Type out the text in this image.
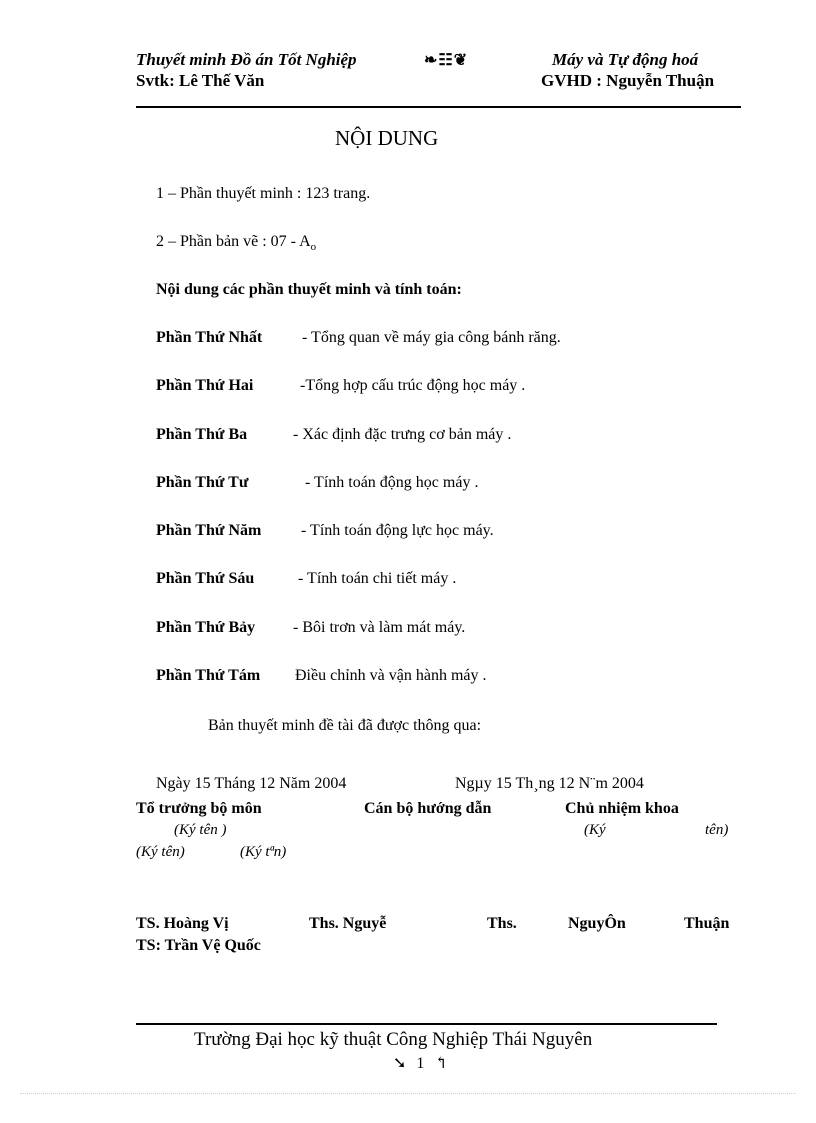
Thuyết minh Đồ án Tốt Nghiệp	❧☷❦	Máy và Tự động hoá
Svtk: Lê Thế Văn	GVHD : Nguyễn Thuận
NỘI DUNG
1 – Phần thuyết minh : 123 trang.
2 – Phần bản vẽ : $07 - A_o$
Nội dung các phần thuyết minh và tính toán:
Phần Thứ Nhất - Tổng quan về máy gia công bánh răng.
Phần Thứ Hai	-Tổng hợp cấu trúc động học máy .
Phần Thứ Ba	- Xác định đặc trưng cơ bản máy .
Phần Thứ Tư	- Tính toán động học máy .
Phần Thứ Năm - Tính toán động lực học máy.
Phần Thứ Sáu	- Tính toán chi tiết máy .
Phần Thứ Bảy - Bôi trơn và làm mát máy.
Phần Thứ Tám Điều chỉnh và vận hành máy .
Bản thuyết minh đề tài đã được thông qua:
Ngày 15 Tháng 12 Năm 2004	Ngµy 15 Th¸ng 12 N¨m 2004
Tổ trưởng bộ môn	Cán bộ hướng dẫn	Chủ nhiệm khoa
(Ký tên )	(Ký	tên)
(Ký tên)	(Ký tªn)
TS. Hoàng Vị	Ths. Nguyễ	Ths.	NguyÔn	Thuận
TS: Trần Vệ Quốc
Trường Đại học kỹ thuật Công Nghiệp Thái Nguyên
➘ 1 ↰
